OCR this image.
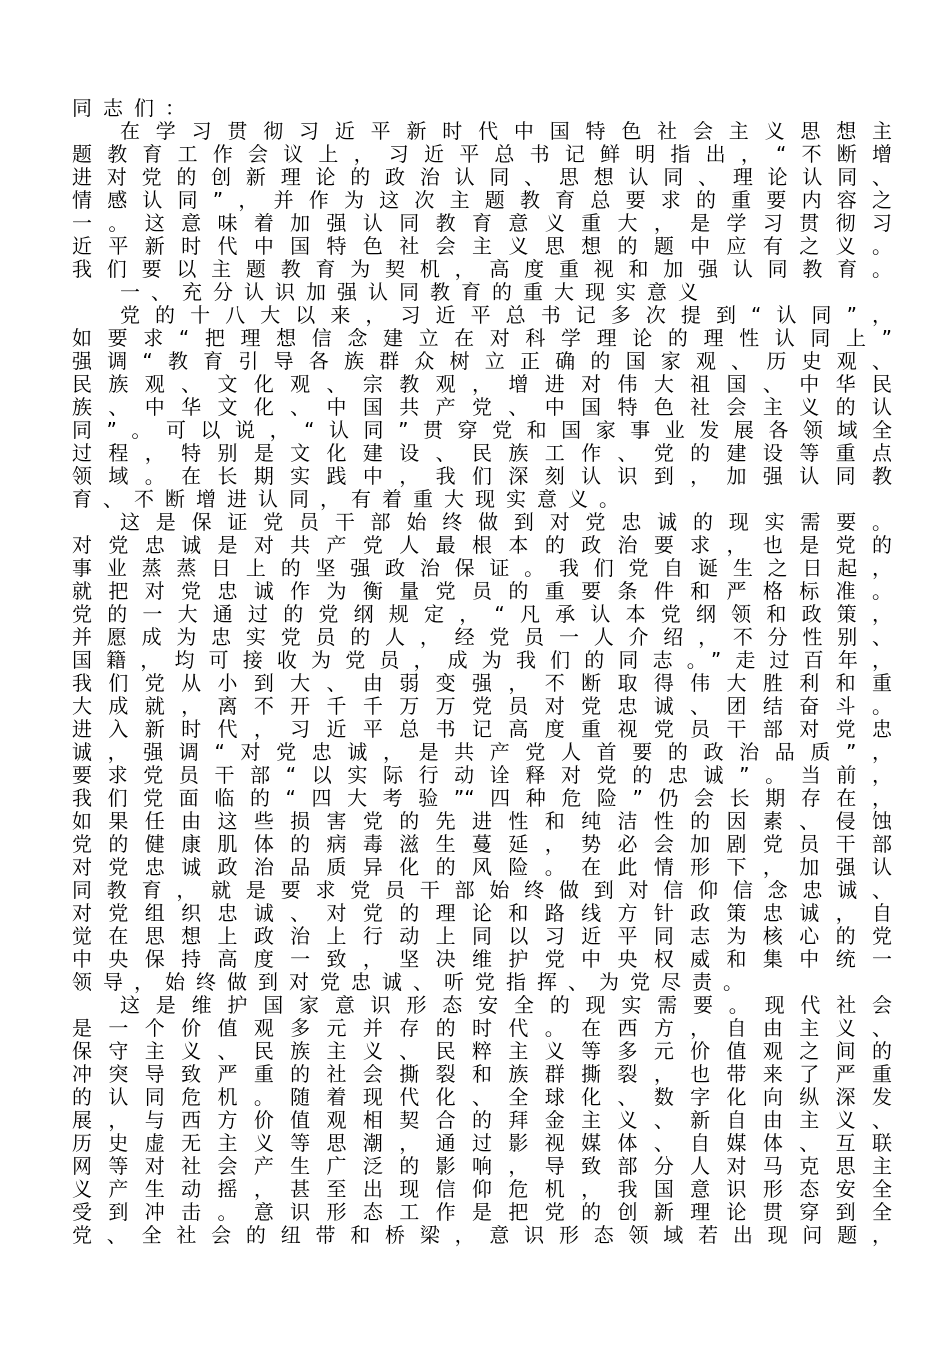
同志们：
在学习贯彻习近平新时代中国特色社会主义思想主
题教育工作会议上，习近平总书记鲜明指出，“不断增
进对党的创新理论的政治认同、思想认同、理论认同、
情感认同”，并作为这次主题教育总要求的重要内容之
一。这意味着加强认同教育意义重大，是学习贯彻习
近平新时代中国特色社会主义思想的题中应有之义。
我们要以主题教育为契机，高度重视和加强认同教育。
一、充分认识加强认同教育的重大现实意义
党的十八大以来，习近平总书记多次提到“认同”，
如要求“把理想信念建立在对科学理论的理性认同上”
强调“教育引导各族群众树立正确的国家观、历史观、
民族观、文化观、宗教观，增进对伟大祖国、中华民
族、中华文化、中国共产党、中国特色社会主义的认
同”。可以说，“认同”贯穿党和国家事业发展各领域全
过程，特别是文化建设、民族工作、党的建设等重点
领域。在长期实践中，我们深刻认识到，加强认同教
育、不断增进认同，有着重大现实意义。
这是保证党员干部始终做到对党忠诚的现实需要。
对党忠诚是对共产党人最根本的政治要求，也是党的
事业蒸蒸日上的坚强政治保证。我们党自诞生之日起，
就把对党忠诚作为衡量党员的重要条件和严格标准。
党的一大通过的党纲规定，“凡承认本党纲领和政策，
并愿成为忠实党员的人，经党员一人介绍，不分性别、
国籍，均可接收为党员，成为我们的同志。”走过百年，
我们党从小到大、由弱变强，不断取得伟大胜利和重
大成就，离不开千千万万党员对党忠诚、团结奋斗。
进入新时代，习近平总书记高度重视党员干部对党忠
诚，强调“对党忠诚，是共产党人首要的政治品质”，
要求党员干部“以实际行动诠释对党的忠诚”。当前，
我们党面临的“四大考验”“四种危险”仍会长期存在，
如果任由这些损害党的先进性和纯洁性的因素、侵蚀
党的健康肌体的病毒滋生蔓延，势必会加剧党员干部
对党忠诚政治品质异化的风险。在此情形下，加强认
同教育，就是要求党员干部始终做到对信仰信念忠诚、
对党组织忠诚、对党的理论和路线方针政策忠诚，自
觉在思想上政治上行动上同以习近平同志为核心的党
中央保持高度一致，坚决维护党中央权威和集中统一
领导，始终做到对党忠诚、听党指挥、为党尽责。
这是维护国家意识形态安全的现实需要。现代社会
是一个价值观多元并存的时代。在西方，自由主义、
保守主义、民族主义、民粹主义等多元价值观之间的
冲突导致严重的社会撕裂和族群撕裂，也带来了严重
的认同危机。随着现代化、全球化、数字化向纵深发
展，与西方价值观相契合的拜金主义、新自由主义、
历史虚无主义等思潮，通过影视媒体、自媒体、互联
网等对社会产生广泛的影响，导致部分人对马克思主
义产生动摇，甚至出现信仰危机，我国意识形态安全
受到冲击。意识形态工作是把党的创新理论贯穿到全
党、全社会的纽带和桥梁，意识形态领域若出现问题，
